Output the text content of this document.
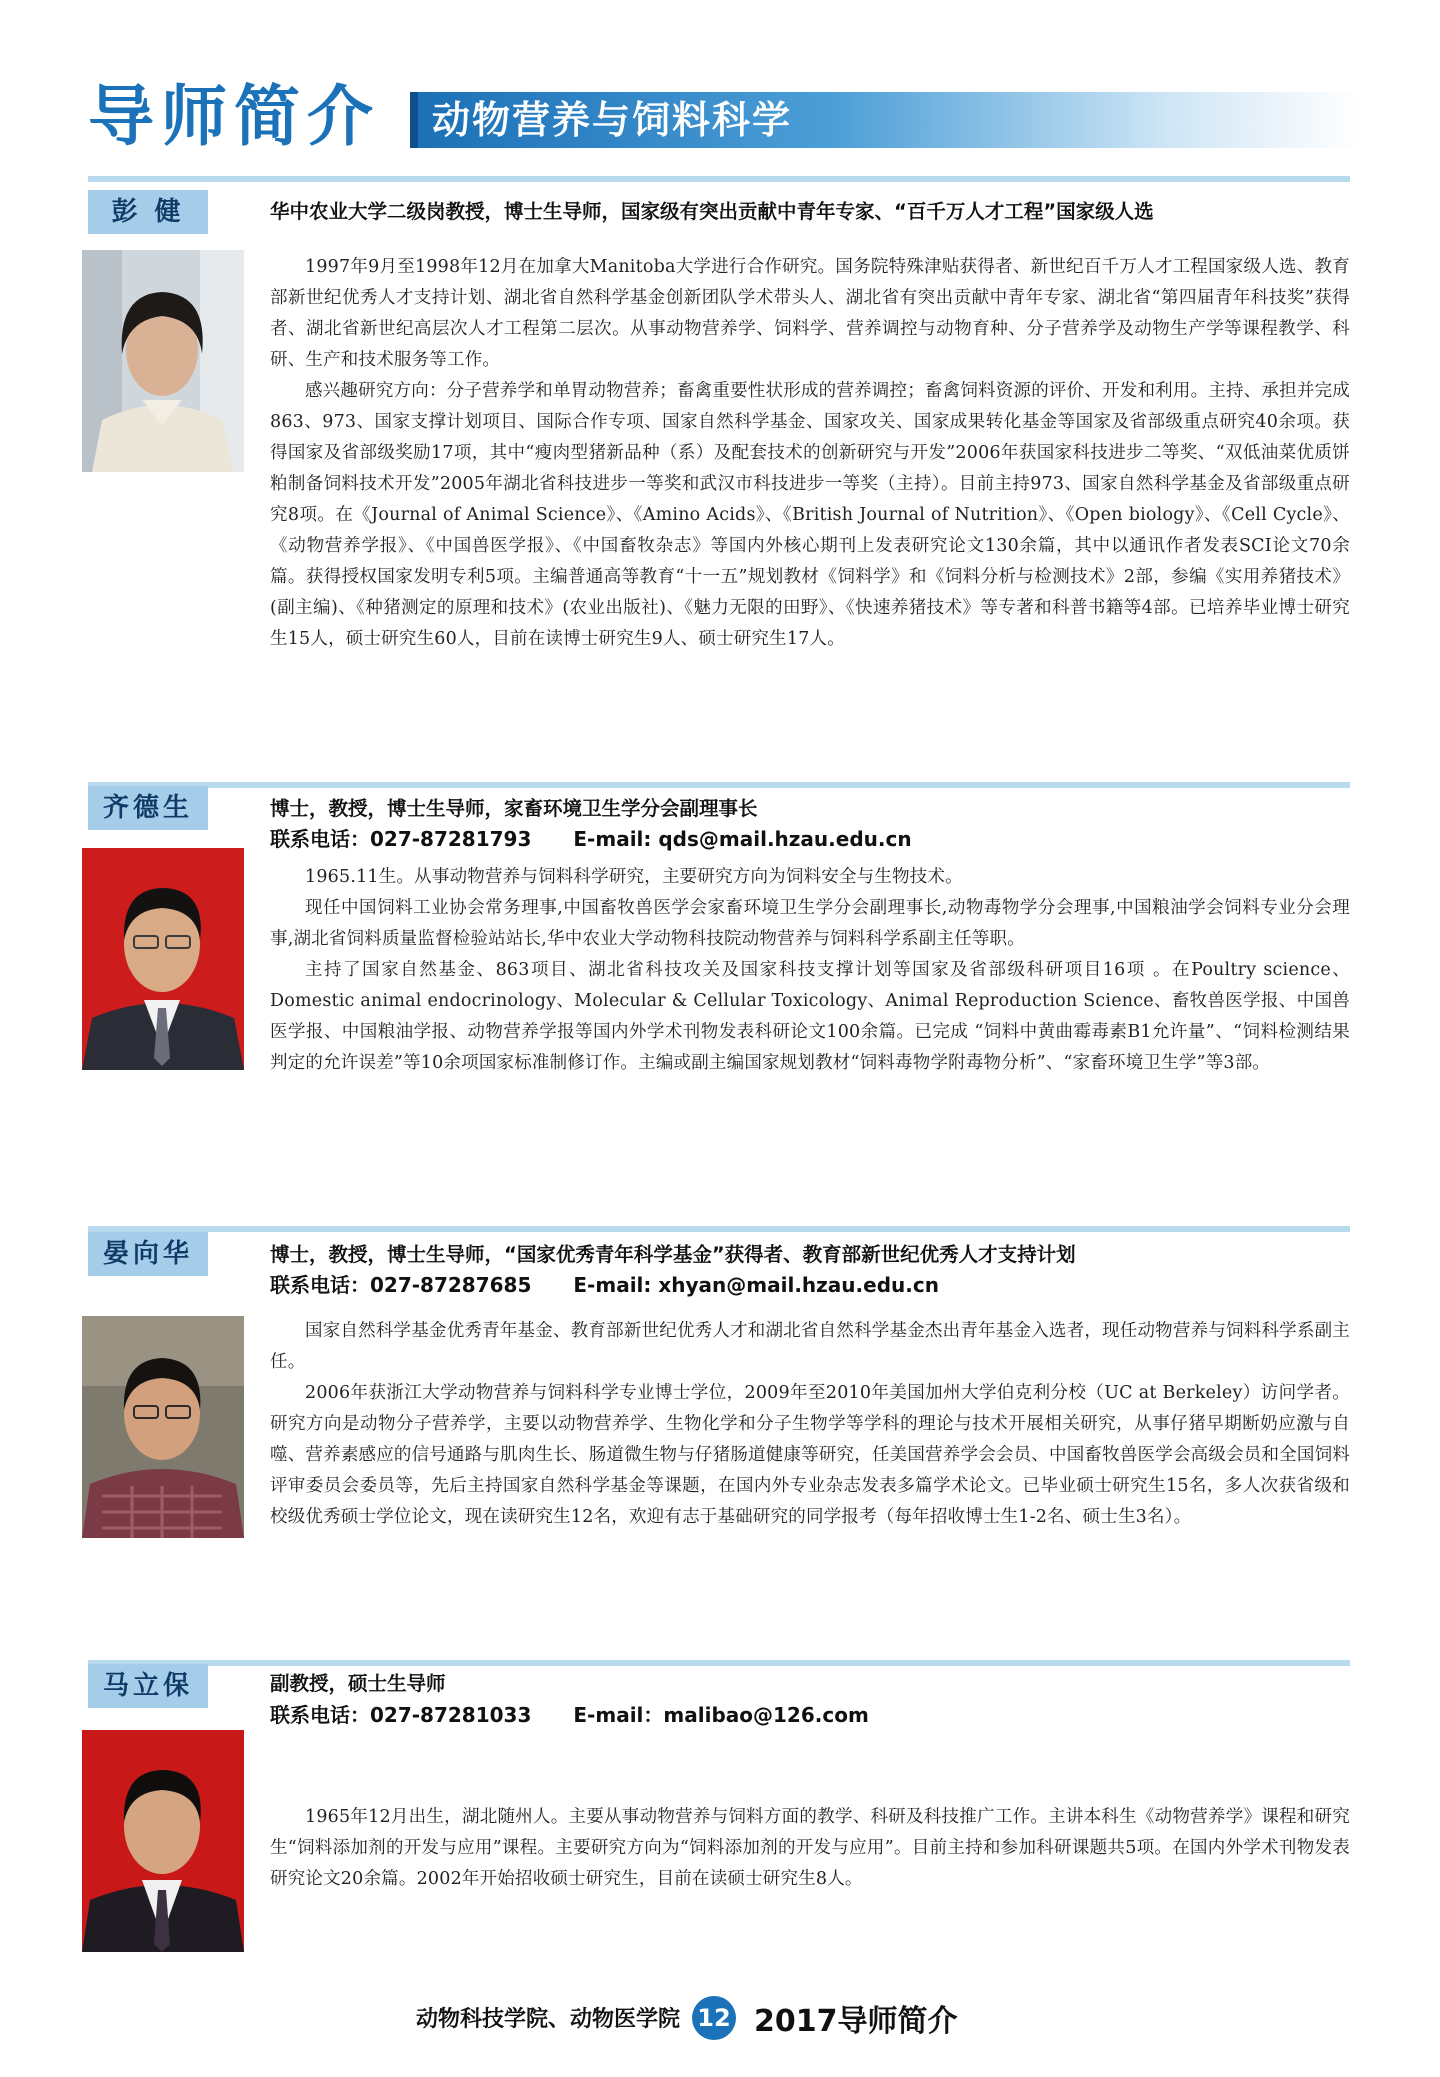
导师简介 动物营养与饲料科学
彭 健	华中农业大学二级岗教授，博士生导师，国家级有突出贡献中青年专家、“百千万人才工程”国家级人选

1997年9月至1998年12月在加拿大Manitoba大学进行合作研究。国务院特殊津贴获得者、新世纪百千万人才工程国家级人选、教育部新世纪优秀人才支持计划、湖北省自然科学基金创新团队学术带头人、湖北省有突出贡献中青年专家、湖北省“第四届青年科技奖”获得者、湖北省新世纪高层次人才工程第二层次。从事动物营养学、饲料学、营养调控与动物育种、分子营养学及动物生产学等课程教学、科研、生产和技术服务等工作。

感兴趣研究方向：分子营养学和单胃动物营养；畜禽重要性状形成的营养调控；畜禽饲料资源的评价、开发和利用。主持、承担并完成863、973、国家支撑计划项目、国际合作专项、国家自然科学基金、国家攻关、国家成果转化基金等国家及省部级重点研究40余项。获得国家及省部级奖励17项，其中“瘦肉型猪新品种（系）及配套技术的创新研究与开发”2006年获国家科技进步二等奖、“双低油菜优质饼粕制备饲料技术开发”2005年湖北省科技进步一等奖和武汉市科技进步一等奖（主持）。目前主持973、国家自然科学基金及省部级重点研究8项。在《Journal of Animal Science》、《Amino Acids》、《British Journal of Nutrition》、《Open biology》、《Cell Cycle》、《动物营养学报》、《中国兽医学报》、《中国畜牧杂志》等国内外核心期刊上发表研究论文130余篇，其中以通讯作者发表SCI论文70余篇。获得授权国家发明专利5项。主编普通高等教育“十一五”规划教材《饲料学》和《饲料分析与检测技术》2部，参编《实用养猪技术》(副主编)、《种猪测定的原理和技术》(农业出版社)、《魅力无限的田野》、《快速养猪技术》等专著和科普书籍等4部。已培养毕业博士研究生15人，硕士研究生60人，目前在读博士研究生9人、硕士研究生17人。

齐德生	博士，教授，博士生导师，家畜环境卫生学分会副理事长
联系电话：027-87281793 E-mail: qds@mail.hzau.edu.cn

1965.11生。从事动物营养与饲料科学研究，主要研究方向为饲料安全与生物技术。

现任中国饲料工业协会常务理事,中国畜牧兽医学会家畜环境卫生学分会副理事长,动物毒物学分会理事,中国粮油学会饲料专业分会理事,湖北省饲料质量监督检验站站长,华中农业大学动物科技院动物营养与饲料科学系副主任等职。

主持了国家自然基金、863项目、湖北省科技攻关及国家科技支撑计划等国家及省部级科研项目16项 。在Poultry science、Domestic animal endocrinology、Molecular & Cellular Toxicology、Animal Reproduction Science、畜牧兽医学报、中国兽医学报、中国粮油学报、动物营养学报等国内外学术刊物发表科研论文100余篇。已完成 “饲料中黄曲霉毒素B1允许量”、“饲料检测结果判定的允许误差”等10余项国家标准制修订作。主编或副主编国家规划教材“饲料毒物学附毒物分析”、“家畜环境卫生学”等3部。

晏向华	博士，教授，博士生导师，“国家优秀青年科学基金”获得者、教育部新世纪优秀人才支持计划
联系电话：027-87287685 E-mail: xhyan@mail.hzau.edu.cn

国家自然科学基金优秀青年基金、教育部新世纪优秀人才和湖北省自然科学基金杰出青年基金入选者，现任动物营养与饲料科学系副主任。

2006年获浙江大学动物营养与饲料科学专业博士学位，2009年至2010年美国加州大学伯克利分校（UC at Berkeley）访问学者。研究方向是动物分子营养学，主要以动物营养学、生物化学和分子生物学等学科的理论与技术开展相关研究，从事仔猪早期断奶应激与自噬、营养素感应的信号通路与肌肉生长、肠道微生物与仔猪肠道健康等研究，任美国营养学会会员、中国畜牧兽医学会高级会员和全国饲料评审委员会委员等，先后主持国家自然科学基金等课题，在国内外专业杂志发表多篇学术论文。已毕业硕士研究生15名，多人次获省级和校级优秀硕士学位论文，现在读研究生12名，欢迎有志于基础研究的同学报考（每年招收博士生1-2名、硕士生3名）。

马立保	副教授，硕士生导师
联系电话：027-87281033 E-mail：malibao@126.com

1965年12月出生，湖北随州人。主要从事动物营养与饲料方面的教学、科研及科技推广工作。主讲本科生《动物营养学》课程和研究生“饲料添加剂的开发与应用”课程。主要研究方向为“饲料添加剂的开发与应用”。目前主持和参加科研课题共5项。在国内外学术刊物发表研究论文20余篇。2002年开始招收硕士研究生，目前在读硕士研究生8人。

动物科技学院、动物医学院 12 2017导师简介
